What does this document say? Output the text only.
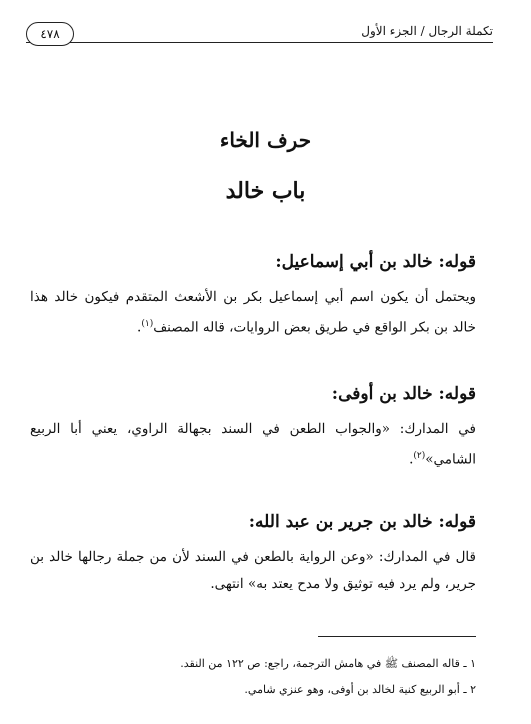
تكملة الرجال / الجزء الأول
٤٧٨
حرف الخاء
باب خالد
قوله: خالد بن أبي إسماعيل:
ويحتمل أن يكون اسم أبي إسماعيل بكر بن الأشعث المتقدم فيكون خالد هذا خالد بن بكر الواقع في طريق بعض الروايات، قاله المصنف$^{(١)}$.
قوله: خالد بن أوفى:
في المدارك: «والجواب الطعن في السند بجهالة الراوي، يعني أبا الربيع الشامي»$^{(٢)}$.
قوله: خالد بن جرير بن عبد الله:
قال في المدارك: «وعن الرواية بالطعن في السند لأن من جملة رجالها خالد بن جرير، ولم يرد فيه توثيق ولا مدح يعتد به» انتهى.
١ ـ قاله المصنف ﷺ في هامش الترجمة، راجع: ص ١٢٢ من النقد.
٢ ـ أبو الربيع كنية لخالد بن أوفى، وهو عنزي شامي.
